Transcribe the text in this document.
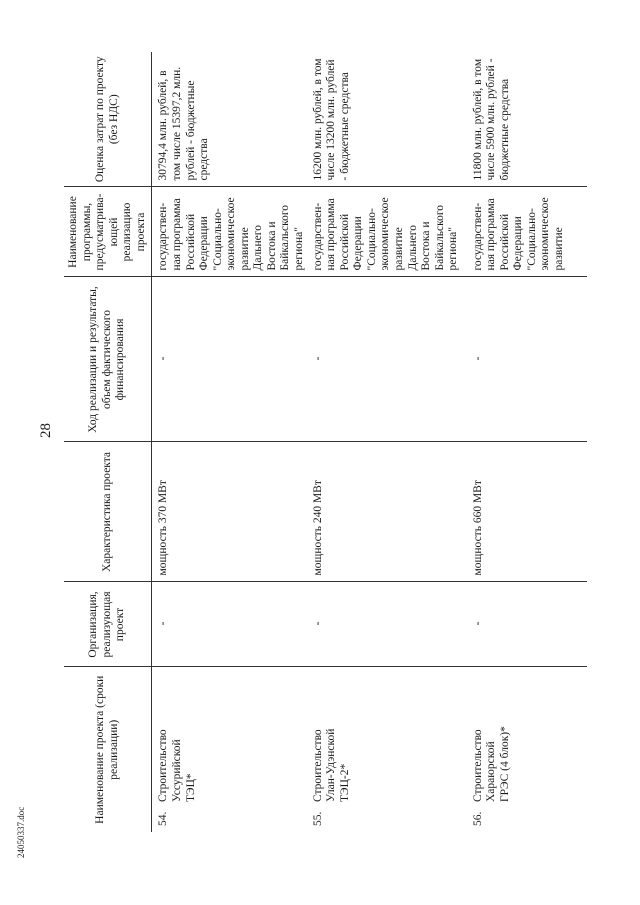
28
Наименование проекта (сроки реализации)	Организация, реализующая проект	Характеристика проекта	Ход реализации и результаты, объем фактического финансирования	Наименование программы, предусматрива-ющей реализацию проекта	Оценка затрат по проекту (без НДС)
54.Строительство Уссурийской ТЭЦ*	-	мощность 370 МВт	-	государствен-ная программа Российской Федерации "Социально-экономическое развитие Дальнего Востока и Байкальского региона"	30794,4 млн. рублей, в том числе 15397,2 млн. рублей - бюджетные средства
55.Строительство Улан-Удэнской ТЭЦ-2*	-	мощность 240 МВт	-	государствен-ная программа Российской Федерации "Социально-экономическое развитие Дальнего Востока и Байкальского региона"	16200 млн. рублей, в том числе 13200 млн. рублей - бюджетные средства
56.Строительство Хараюрской ГРЭС (4 блок)*	-	мощность 660 МВт	-	государствен-ная программа Российской Федерации "Социально-экономическое развитие	11800 млн. рублей, в том числе 5900 млн. рублей - бюджетные средства
24050337.doc
